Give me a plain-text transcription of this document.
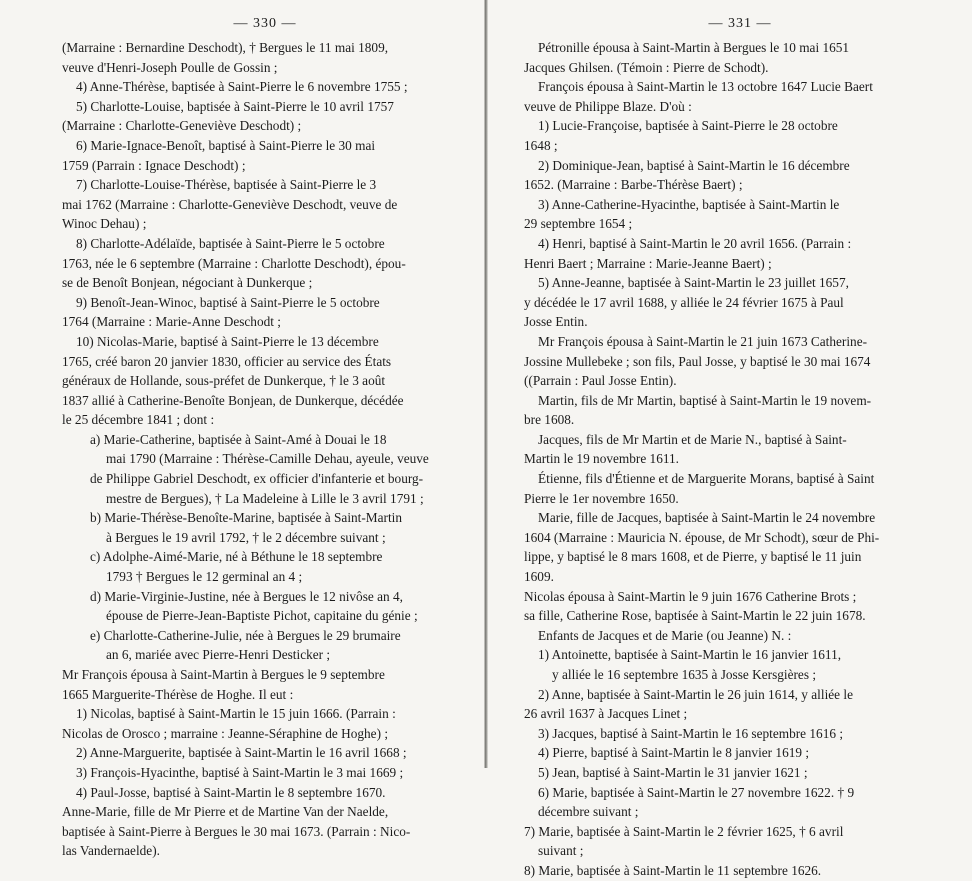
— 330 —
(Marraine : Bernardine Deschodt), † Bergues le 11 mai 1809,
veuve d'Henri-Joseph Poulle de Gossin ;
4) Anne-Thérèse, baptisée à Saint-Pierre le 6 novembre 1755 ;
5) Charlotte-Louise, baptisée à Saint-Pierre le 10 avril 1757
(Marraine : Charlotte-Geneviève Deschodt) ;
6) Marie-Ignace-Benoît, baptisé à Saint-Pierre le 30 mai
1759 (Parrain : Ignace Deschodt) ;
7) Charlotte-Louise-Thérèse, baptisée à Saint-Pierre le 3
mai 1762 (Marraine : Charlotte-Geneviève Deschodt, veuve de
Winoc Dehau) ;
8) Charlotte-Adélaïde, baptisée à Saint-Pierre le 5 octobre
1763, née le 6 septembre (Marraine : Charlotte Deschodt), épou-
se de Benoît Bonjean, négociant à Dunkerque ;
9) Benoît-Jean-Winoc, baptisé à Saint-Pierre le 5 octobre
1764 (Marraine : Marie-Anne Deschodt ;
10) Nicolas-Marie, baptisé à Saint-Pierre le 13 décembre
1765, créé baron 20 janvier 1830, officier au service des États
généraux de Hollande, sous-préfet de Dunkerque, † le 3 août
1837 allié à Catherine-Benoîte Bonjean, de Dunkerque, décédée
le 25 décembre 1841 ; dont :
a) Marie-Catherine, baptisée à Saint-Amé à Douai le 18
mai 1790 (Marraine : Thérèse-Camille Dehau, ayeule, veuve
de Philippe Gabriel Deschodt, ex officier d'infanterie et bourg-
mestre de Bergues), † La Madeleine à Lille le 3 avril 1791 ;
b) Marie-Thérèse-Benoîte-Marine, baptisée à Saint-Martin
à Bergues le 19 avril 1792, † le 2 décembre suivant ;
c) Adolphe-Aimé-Marie, né à Béthune le 18 septembre
1793 † Bergues le 12 germinal an 4 ;
d) Marie-Virginie-Justine, née à Bergues le 12 nivôse an 4,
épouse de Pierre-Jean-Baptiste Pichot, capitaine du génie ;
e) Charlotte-Catherine-Julie, née à Bergues le 29 brumaire
an 6, mariée avec Pierre-Henri Desticker ;
Mr François épousa à Saint-Martin à Bergues le 9 septembre
1665 Marguerite-Thérèse de Hoghe. Il eut :
1) Nicolas, baptisé à Saint-Martin le 15 juin 1666. (Parrain :
Nicolas de Orosco ; marraine : Jeanne-Séraphine de Hoghe) ;
2) Anne-Marguerite, baptisée à Saint-Martin le 16 avril 1668 ;
3) François-Hyacinthe, baptisé à Saint-Martin le 3 mai 1669 ;
4) Paul-Josse, baptisé à Saint-Martin le 8 septembre 1670.
Anne-Marie, fille de Mr Pierre et de Martine Van der Naelde,
baptisée à Saint-Pierre à Bergues le 30 mai 1673. (Parrain : Nico-
las Vandernaelde).
— 331 —
Pétronille épousa à Saint-Martin à Bergues le 10 mai 1651
Jacques Ghilsen. (Témoin : Pierre de Schodt).
François épousa à Saint-Martin le 13 octobre 1647 Lucie Baert
veuve de Philippe Blaze. D'où :
1) Lucie-Françoise, baptisée à Saint-Pierre le 28 octobre
1648 ;
2) Dominique-Jean, baptisé à Saint-Martin le 16 décembre
1652. (Marraine : Barbe-Thérèse Baert) ;
3) Anne-Catherine-Hyacinthe, baptisée à Saint-Martin le
29 septembre 1654 ;
4) Henri, baptisé à Saint-Martin le 20 avril 1656. (Parrain :
Henri Baert ; Marraine : Marie-Jeanne Baert) ;
5) Anne-Jeanne, baptisée à Saint-Martin le 23 juillet 1657,
y décédée le 17 avril 1688, y alliée le 24 février 1675 à Paul
Josse Entin.
Mr François épousa à Saint-Martin le 21 juin 1673 Catherine-
Jossine Mullebeke ; son fils, Paul Josse, y baptisé le 30 mai 1674
((Parrain : Paul Josse Entin).
Martin, fils de Mr Martin, baptisé à Saint-Martin le 19 novem-
bre 1608.
Jacques, fils de Mr Martin et de Marie N., baptisé à Saint-
Martin le 19 novembre 1611.
Étienne, fils d'Étienne et de Marguerite Morans, baptisé à Saint
Pierre le 1er novembre 1650.
Marie, fille de Jacques, baptisée à Saint-Martin le 24 novembre
1604 (Marraine : Mauricia N. épouse, de Mr Schodt), sœur de Phi-
lippe, y baptisé le 8 mars 1608, et de Pierre, y baptisé le 11 juin
1609.
Nicolas épousa à Saint-Martin le 9 juin 1676 Catherine Brots ;
sa fille, Catherine Rose, baptisée à Saint-Martin le 22 juin 1678.
Enfants de Jacques et de Marie (ou Jeanne) N. :
1) Antoinette, baptisée à Saint-Martin le 16 janvier 1611,
y alliée le 16 septembre 1635 à Josse Kersgières ;
2) Anne, baptisée à Saint-Martin le 26 juin 1614, y alliée le
26 avril 1637 à Jacques Linet ;
3) Jacques, baptisé à Saint-Martin le 16 septembre 1616 ;
4) Pierre, baptisé à Saint-Martin le 8 janvier 1619 ;
5) Jean, baptisé à Saint-Martin le 31 janvier 1621 ;
6) Marie, baptisée à Saint-Martin le 27 novembre 1622. † 9
décembre suivant ;
7) Marie, baptisée à Saint-Martin le 2 février 1625, † 6 avril
suivant ;
8) Marie, baptisée à Saint-Martin le 11 septembre 1626.
